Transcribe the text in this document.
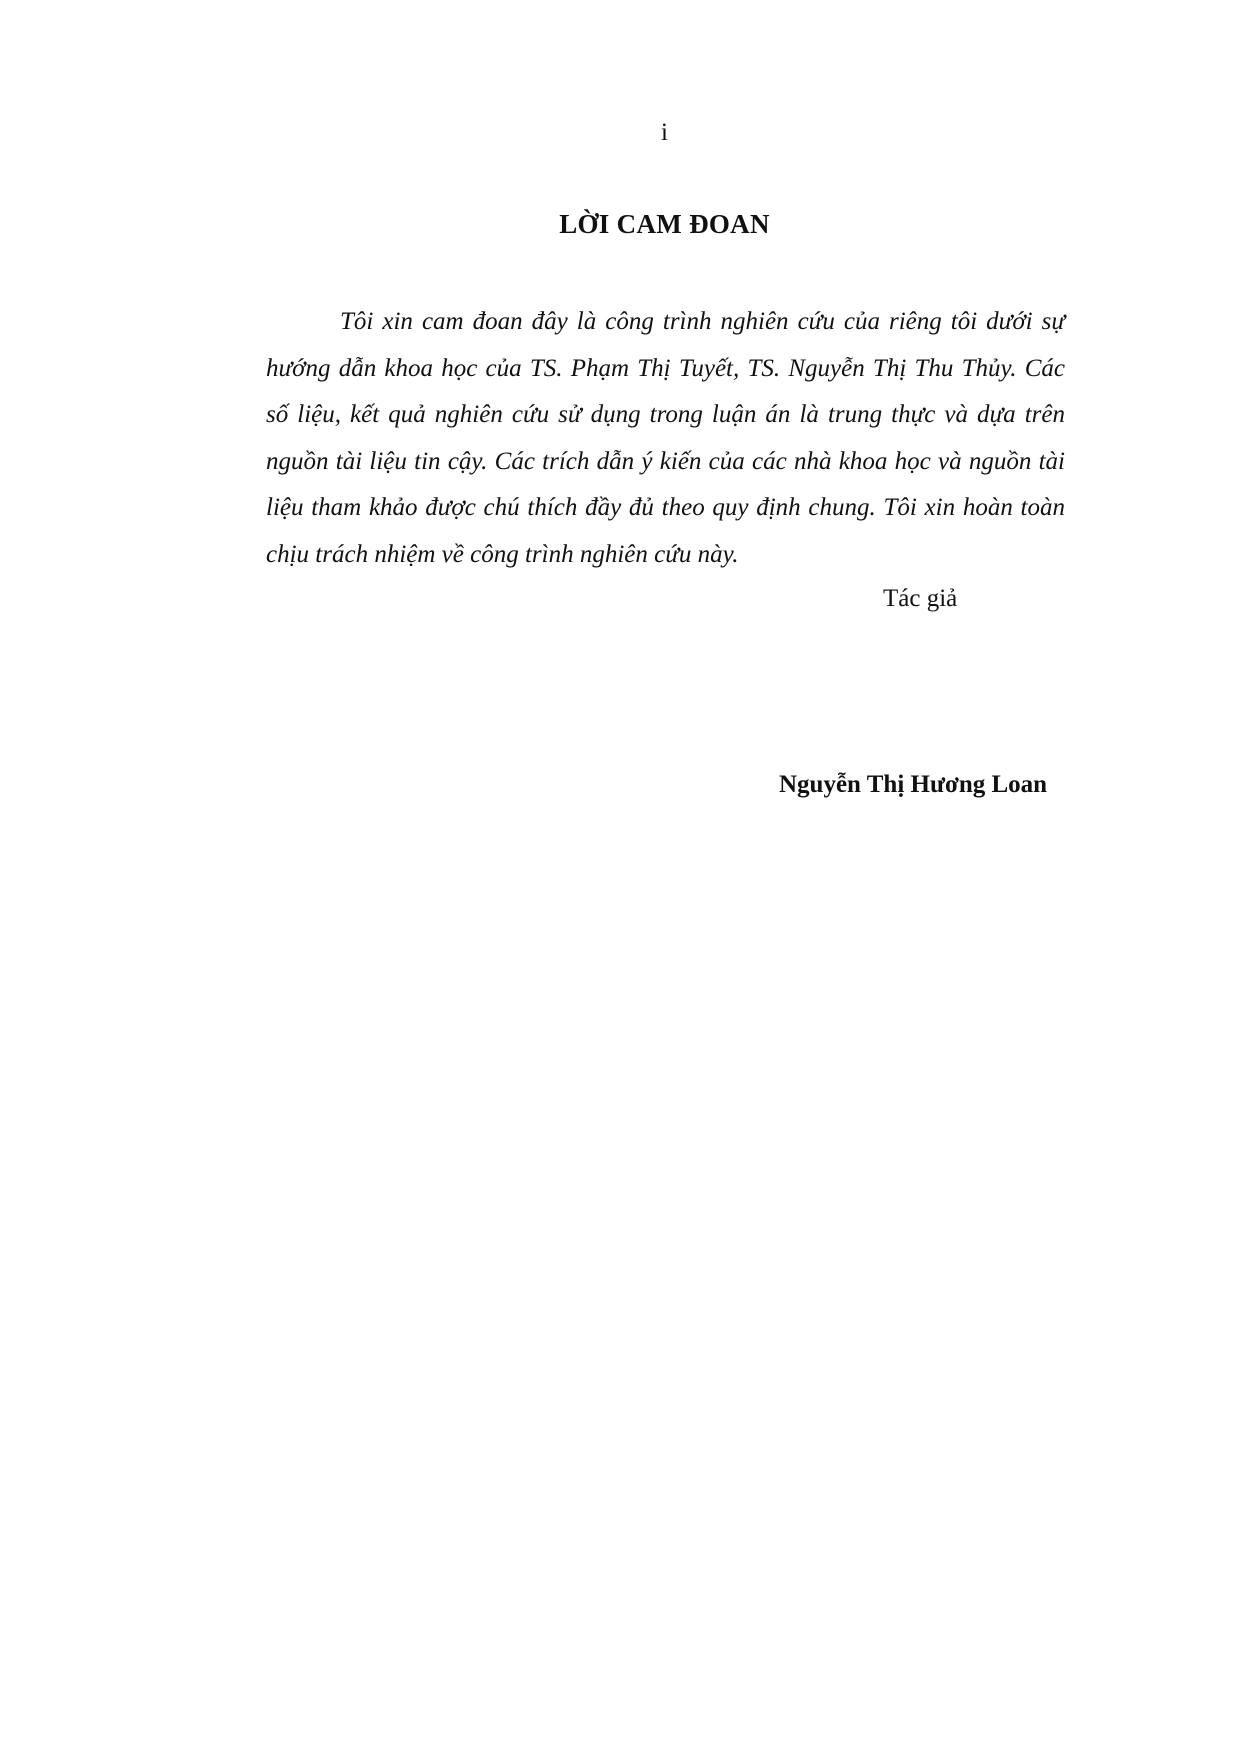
i
LỜI CAM ĐOAN

Tôi xin cam đoan đây là công trình nghiên cứu của riêng tôi dưới sự hướng dẫn khoa học của TS. Phạm Thị Tuyết, TS. Nguyễn Thị Thu Thủy. Các số liệu, kết quả nghiên cứu sử dụng trong luận án là trung thực và dựa trên nguồn tài liệu tin cậy. Các trích dẫn ý kiến của các nhà khoa học và nguồn tài liệu tham khảo được chú thích đầy đủ theo quy định chung. Tôi xin hoàn toàn chịu trách nhiệm về công trình nghiên cứu này.

Tác giả
Nguyễn Thị Hương Loan
